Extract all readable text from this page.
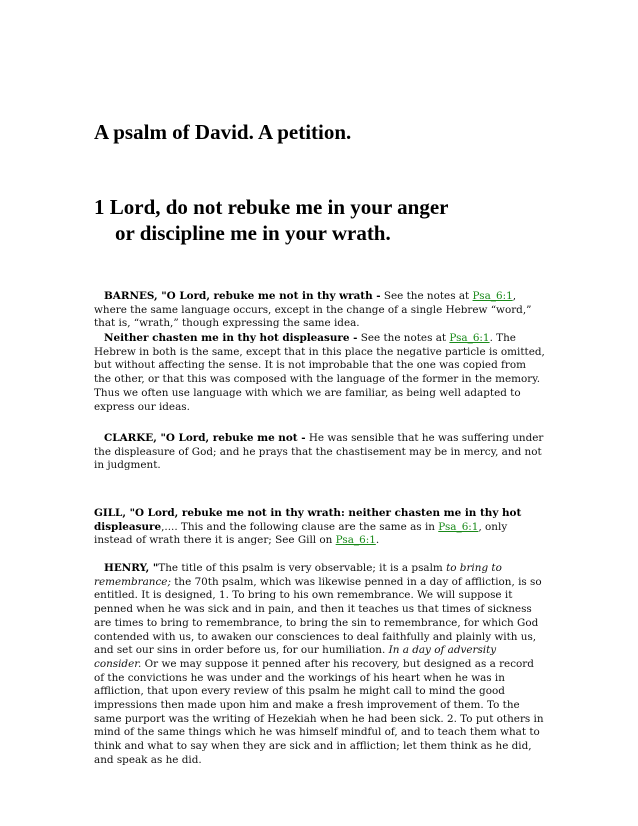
A psalm of David. A petition.
1 Lord, do not rebuke me in your anger
or discipline me in your wrath.
BARNES, "O Lord, rebuke me not in thy wrath - See the notes at Psa_6:1, where the same language occurs, except in the change of a single Hebrew “word,” that is, “wrath,” though expressing the same idea.
Neither chasten me in thy hot displeasure - See the notes at Psa_6:1. The Hebrew in both is the same, except that in this place the negative particle is omitted, but without affecting the sense. It is not improbable that the one was copied from the other, or that this was composed with the language of the former in the memory. Thus we often use language with which we are familiar, as being well adapted to express our ideas.
CLARKE, "O Lord, rebuke me not - He was sensible that he was suffering under the displeasure of God; and he prays that the chastisement may be in mercy, and not in judgment.
GILL, "O Lord, rebuke me not in thy wrath: neither chasten me in thy hot displeasure,.... This and the following clause are the same as in Psa_6:1, only instead of wrath there it is anger; See Gill on Psa_6:1.
HENRY, "The title of this psalm is very observable; it is a psalm to bring to remembrance; the 70th psalm, which was likewise penned in a day of affliction, is so entitled. It is designed, 1. To bring to his own remembrance. We will suppose it penned when he was sick and in pain, and then it teaches us that times of sickness are times to bring to remembrance, to bring the sin to remembrance, for which God contended with us, to awaken our consciences to deal faithfully and plainly with us, and set our sins in order before us, for our humiliation. In a day of adversity consider. Or we may suppose it penned after his recovery, but designed as a record of the convictions he was under and the workings of his heart when he was in affliction, that upon every review of this psalm he might call to mind the good impressions then made upon him and make a fresh improvement of them. To the same purport was the writing of Hezekiah when he had been sick. 2. To put others in mind of the same things which he was himself mindful of, and to teach them what to think and what to say when they are sick and in affliction; let them think as he did, and speak as he did.
